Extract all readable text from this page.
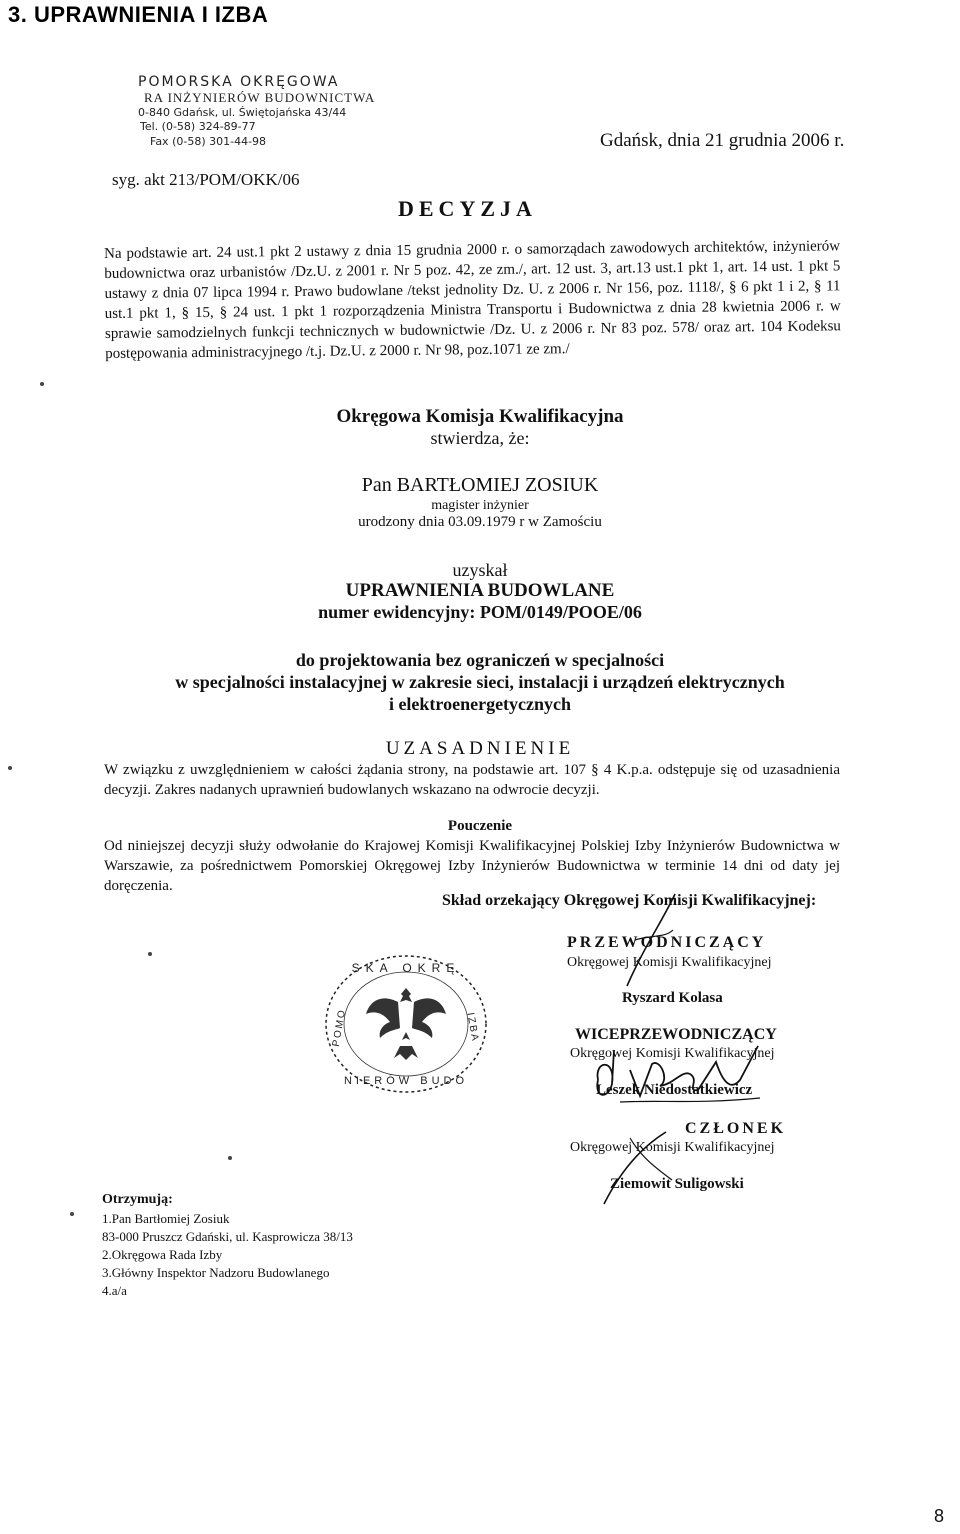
3. UPRAWNIENIA I IZBA
POMORSKA OKRĘGOWA
RA INŻYNIERÓW BUDOWNICTWA
0-840 Gdańsk, ul. Świętojańska 43/44
Tel. (0-58) 324-89-77
Fax (0-58) 301-44-98
syg. akt 213/POM/OKK/06
Gdańsk, dnia 21 grudnia 2006 r.
DECYZJA
Na podstawie art. 24 ust.1 pkt 2 ustawy z dnia 15 grudnia 2000 r. o samorządach zawodowych architektów, inżynierów budownictwa oraz urbanistów /Dz.U. z 2001 r. Nr 5 poz. 42, ze zm./, art. 12 ust. 3, art.13 ust.1 pkt 1, art. 14 ust. 1 pkt 5 ustawy z dnia 07 lipca 1994 r. Prawo budowlane /tekst jednolity Dz. U. z 2006 r. Nr 156, poz. 1118/, § 6 pkt 1 i 2, § 11 ust.1 pkt 1, § 15, § 24 ust. 1 pkt 1 rozporządzenia Ministra Transportu i Budownictwa z dnia 28 kwietnia 2006 r. w sprawie samodzielnych funkcji technicznych w budownictwie /Dz. U. z 2006 r. Nr 83 poz. 578/ oraz art. 104 Kodeksu postępowania administracyjnego /t.j. Dz.U. z 2000 r. Nr 98, poz.1071 ze zm./
Okręgowa Komisja Kwalifikacyjna
stwierdza, że:
Pan BARTŁOMIEJ ZOSIUK
magister inżynier
urodzony dnia 03.09.1979 r w Zamościu
uzyskał
UPRAWNIENIA BUDOWLANE
numer ewidencyjny: POM/0149/POOE/06
do projektowania bez ograniczeń w specjalności
w specjalności instalacyjnej w zakresie sieci, instalacji i urządzeń elektrycznych
i elektroenergetycznych
UZASADNIENIE
W związku z uwzględnieniem w całości żądania strony, na podstawie art. 107 § 4 K.p.a. odstępuje się od uzasadnienia decyzji. Zakres nadanych uprawnień budowlanych wskazano na odwrocie decyzji.
Pouczenie
Od niniejszej decyzji służy odwołanie do Krajowej Komisji Kwalifikacyjnej Polskiej Izby Inżynierów Budownictwa w Warszawie, za pośrednictwem Pomorskiej Okręgowej Izby Inżynierów Budownictwa w terminie 14 dni od daty jej doręczenia.
Skład orzekający Okręgowej Komisji Kwalifikacyjnej:
PRZEWODNICZĄCY
Okręgowej Komisji Kwalifikacyjnej
Ryszard Kolasa
WICEPRZEWODNICZĄCY
Okręgowej Komisji Kwalifikacyjnej
Leszek Niedostatkiewicz
CZŁONEK
Okręgowej Komisji Kwalifikacyjnej
Ziemowit Suligowski
SKA OKRĘ
NIERÓW BUDO
POMO	IZBA
Otrzymują:
1.Pan Bartłomiej Zosiuk
83-000 Pruszcz Gdański, ul. Kasprowicza 38/13
2.Okręgowa Rada Izby
3.Główny Inspektor Nadzoru Budowlanego
4.a/a
8
